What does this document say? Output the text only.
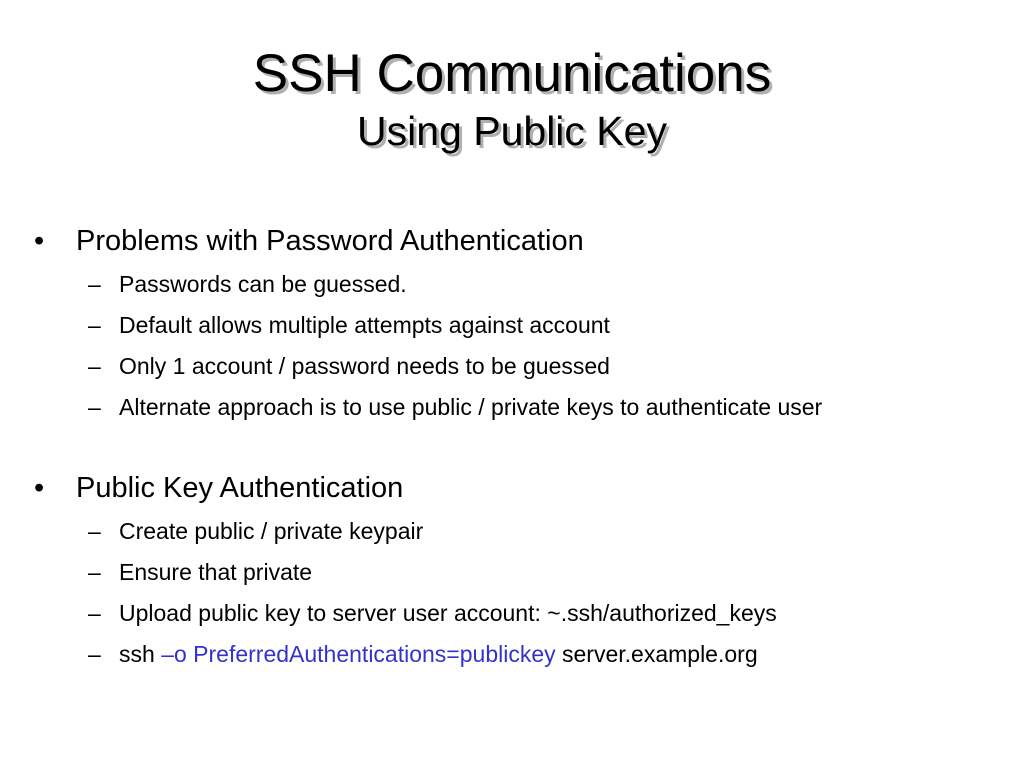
SSH Communications
Using Public Key
• Problems with Password Authentication
– Passwords can be guessed.
– Default allows multiple attempts against account
– Only 1 account / password needs to be guessed
– Alternate approach is to use public / private keys to authenticate user
• Public Key Authentication
– Create public / private keypair
– Ensure that private
– Upload public key to server user account: ~.ssh/authorized_keys
– ssh –o PreferredAuthentications=publickey server.example.org
